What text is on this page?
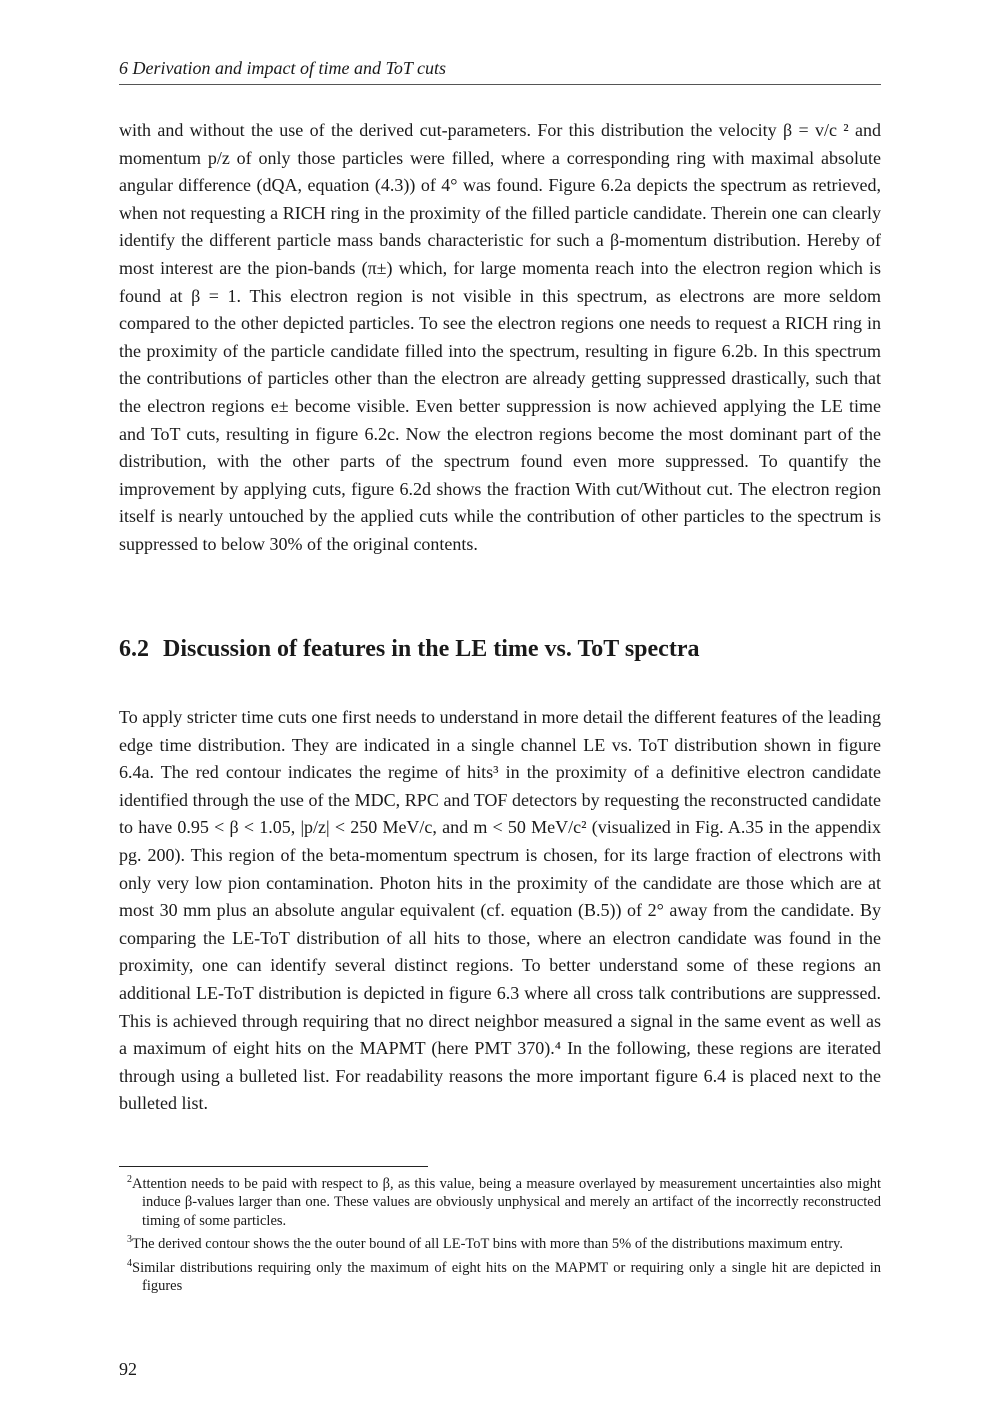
6 Derivation and impact of time and ToT cuts

with and without the use of the derived cut-parameters. For this distribution the velocity β = v/c ² and momentum p/z of only those particles were filled, where a corresponding ring with maximal absolute angular difference (dQA, equation (4.3)) of 4° was found. Figure 6.2a depicts the spectrum as retrieved, when not requesting a RICH ring in the proximity of the filled particle candidate. Therein one can clearly identify the different particle mass bands characteristic for such a β-momentum distribution. Hereby of most interest are the pion-bands (π±) which, for large momenta reach into the electron region which is found at β = 1. This electron region is not visible in this spectrum, as electrons are more seldom compared to the other depicted particles. To see the electron regions one needs to request a RICH ring in the proximity of the particle candidate filled into the spectrum, resulting in figure 6.2b. In this spectrum the contributions of particles other than the electron are already getting suppressed drastically, such that the electron regions e± become visible. Even better suppression is now achieved applying the LE time and ToT cuts, resulting in figure 6.2c. Now the electron regions become the most dominant part of the distribution, with the other parts of the spectrum found even more suppressed. To quantify the improvement by applying cuts, figure 6.2d shows the fraction With cut/Without cut. The electron region itself is nearly untouched by the applied cuts while the contribution of other particles to the spectrum is suppressed to below 30% of the original contents.

6.2 Discussion of features in the LE time vs. ToT spectra

To apply stricter time cuts one first needs to understand in more detail the different features of the leading edge time distribution. They are indicated in a single channel LE vs. ToT distribution shown in figure 6.4a. The red contour indicates the regime of hits³ in the proximity of a definitive electron candidate identified through the use of the MDC, RPC and TOF detectors by requesting the reconstructed candidate to have 0.95 < β < 1.05, |p/z| < 250 MeV/c, and m < 50 MeV/c² (visualized in Fig. A.35 in the appendix pg. 200). This region of the beta-momentum spectrum is chosen, for its large fraction of electrons with only very low pion contamination. Photon hits in the proximity of the candidate are those which are at most 30 mm plus an absolute angular equivalent (cf. equation (B.5)) of 2° away from the candidate. By comparing the LE-ToT distribution of all hits to those, where an electron candidate was found in the proximity, one can identify several distinct regions. To better understand some of these regions an additional LE-ToT distribution is depicted in figure 6.3 where all cross talk contributions are suppressed. This is achieved through requiring that no direct neighbor measured a signal in the same event as well as a maximum of eight hits on the MAPMT (here PMT 370).⁴ In the following, these regions are iterated through using a bulleted list. For readability reasons the more important figure 6.4 is placed next to the bulleted list.

$^2$Attention needs to be paid with respect to β, as this value, being a measure overlayed by measurement uncertainties also might induce β-values larger than one. These values are obviously unphysical and merely an artifact of the incorrectly reconstructed timing of some particles.

$^3$The derived contour shows the the outer bound of all LE-ToT bins with more than 5% of the distributions maximum entry.

$^4$Similar distributions requiring only the maximum of eight hits on the MAPMT or requiring only a single hit are depicted in figures

92
